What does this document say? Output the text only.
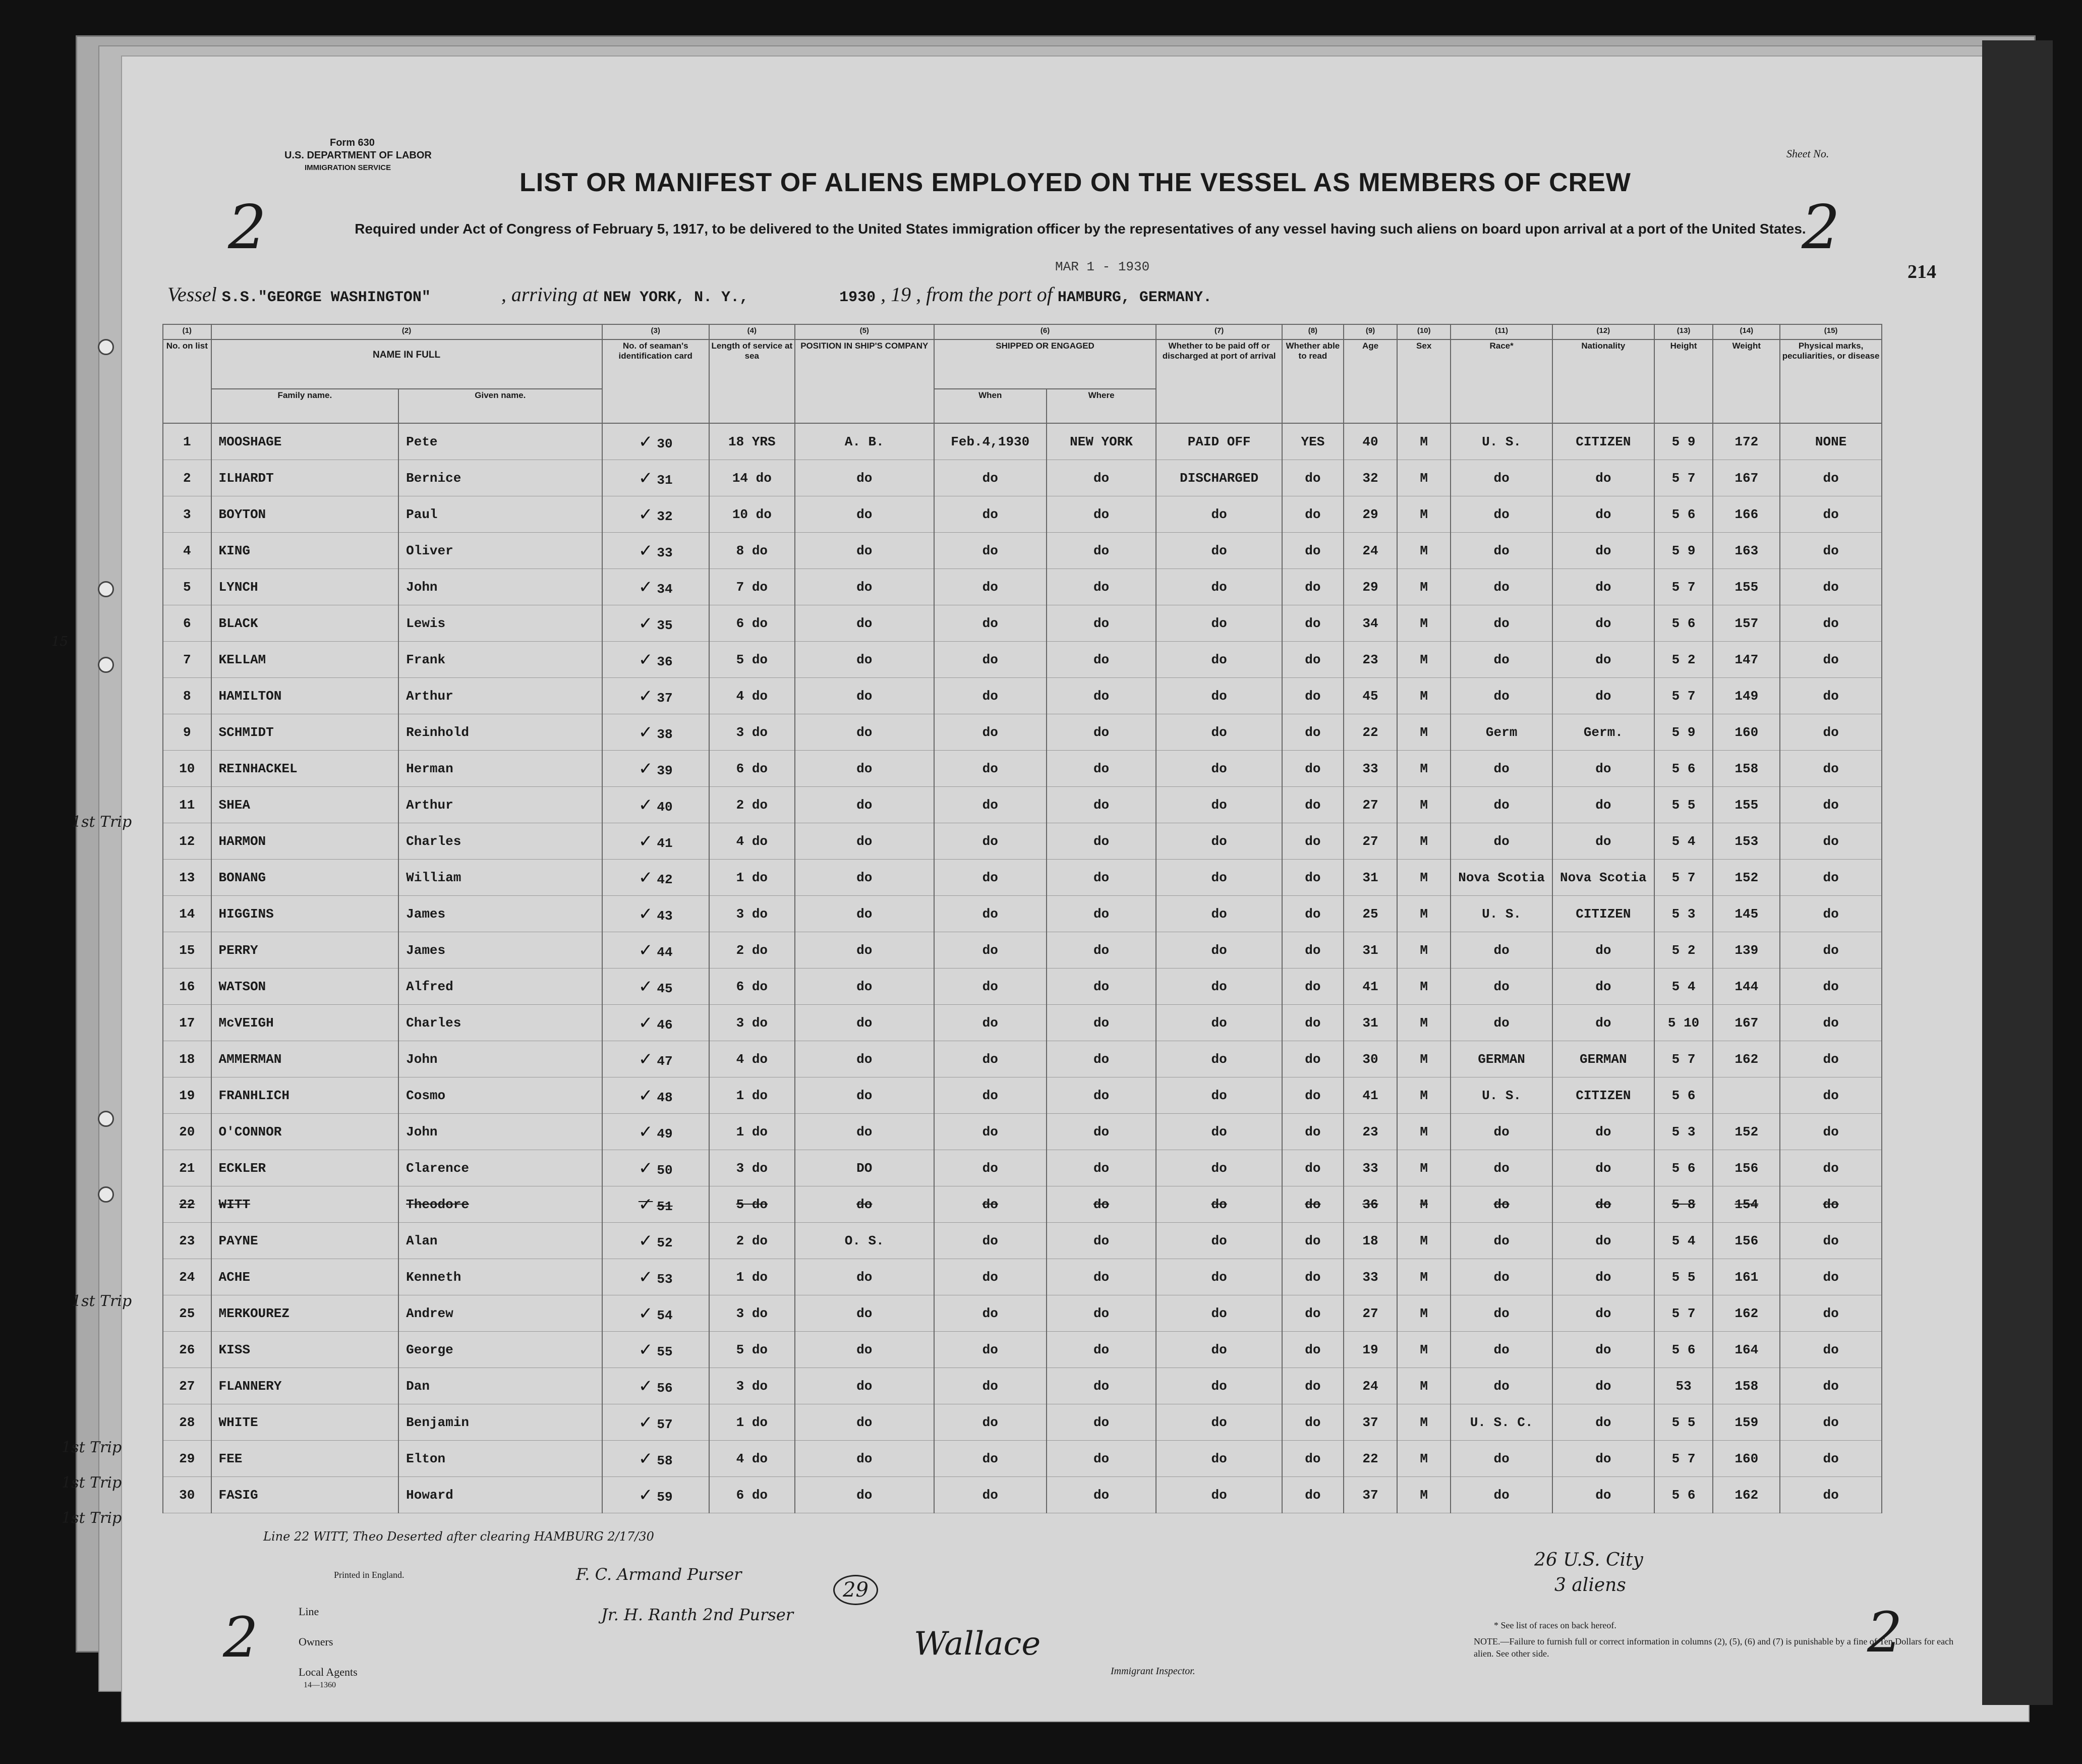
Form 630
U.S. DEPARTMENT OF LABOR
IMMIGRATION SERVICE
Sheet No.
LIST OR MANIFEST OF ALIENS EMPLOYED ON THE VESSEL AS MEMBERS OF CREW
Required under Act of Congress of February 5, 1917, to be delivered to the United States immigration officer by the representatives of any vessel having such aliens on board upon arrival at a port of the United States.
MAR 1 - 1930	214
2	2
Vessel S.S."GEORGE WASHINGTON"	, arriving at NEW YORK, N. Y.,	1930 , 19 , from the port of HAMBURG, GERMANY.
15
1st Trip
1st Trip
1st Trip
1st Trip
1st Trip
(1)	(2)		(3)	(4)	(5)	(6)		(7)	(8)	(9)	(10)	(11)	(12)	(13)	(14)	(15)
No. on list	NAME IN FULL		No. of seaman's identification card	Length of service at sea	POSITION IN SHIP'S COMPANY	SHIPPED OR ENGAGED		Whether to be paid off or discharged at port of arrival	Whether able to read	Age	Sex	Race*	Nationality	Height	Weight	Physical marks, peculiarities, or disease
	Family name.	Given name.				When	Where									
1	MOOSHAGE	Pete	✓ 30	18 YRS	A. B.	Feb.4,1930	NEW YORK	PAID OFF	YES	40	M	U. S.	CITIZEN	5 9	172	NONE
2	ILHARDT	Bernice	✓ 31	14 do	do	do	do	DISCHARGED	do	32	M	do	do	5 7	167	do
3	BOYTON	Paul	✓ 32	10 do	do	do	do	do	do	29	M	do	do	5 6	166	do
4	KING	Oliver	✓ 33	8 do	do	do	do	do	do	24	M	do	do	5 9	163	do
5	LYNCH	John	✓ 34	7 do	do	do	do	do	do	29	M	do	do	5 7	155	do
6	BLACK	Lewis	✓ 35	6 do	do	do	do	do	do	34	M	do	do	5 6	157	do
7	KELLAM	Frank	✓ 36	5 do	do	do	do	do	do	23	M	do	do	5 2	147	do
8	HAMILTON	Arthur	✓ 37	4 do	do	do	do	do	do	45	M	do	do	5 7	149	do
9	SCHMIDT	Reinhold	✓ 38	3 do	do	do	do	do	do	22	M	Germ	Germ.	5 9	160	do
10	REINHACKEL	Herman	✓ 39	6 do	do	do	do	do	do	33	M	do	do	5 6	158	do
11	SHEA	Arthur	✓ 40	2 do	do	do	do	do	do	27	M	do	do	5 5	155	do
12	HARMON	Charles	✓ 41	4 do	do	do	do	do	do	27	M	do	do	5 4	153	do
13	BONANG	William	✓ 42	1 do	do	do	do	do	do	31	M	Nova Scotia	Nova Scotia	5 7	152	do
14	HIGGINS	James	✓ 43	3 do	do	do	do	do	do	25	M	U. S.	CITIZEN	5 3	145	do
15	PERRY	James	✓ 44	2 do	do	do	do	do	do	31	M	do	do	5 2	139	do
16	WATSON	Alfred	✓ 45	6 do	do	do	do	do	do	41	M	do	do	5 4	144	do
17	McVEIGH	Charles	✓ 46	3 do	do	do	do	do	do	31	M	do	do	5 10	167	do
18	AMMERMAN	John	✓ 47	4 do	do	do	do	do	do	30	M	GERMAN	GERMAN	5 7	162	do
19	FRANHLICH	Cosmo	✓ 48	1 do	do	do	do	do	do	41	M	U. S.	CITIZEN	5 6		do
20	O'CONNOR	John	✓ 49	1 do	do	do	do	do	do	23	M	do	do	5 3	152	do
21	ECKLER	Clarence	✓ 50	3 do	DO	do	do	do	do	33	M	do	do	5 6	156	do
22	WITT	Theodore	✓ 51	5 do	do	do	do	do	do	36	M	do	do	5 8	154	do
23	PAYNE	Alan	✓ 52	2 do	O. S.	do	do	do	do	18	M	do	do	5 4	156	do
24	ACHE	Kenneth	✓ 53	1 do	do	do	do	do	do	33	M	do	do	5 5	161	do
25	MERKOUREZ	Andrew	✓ 54	3 do	do	do	do	do	do	27	M	do	do	5 7	162	do
26	KISS	George	✓ 55	5 do	do	do	do	do	do	19	M	do	do	5 6	164	do
27	FLANNERY	Dan	✓ 56	3 do	do	do	do	do	do	24	M	do	do	53	158	do
28	WHITE	Benjamin	✓ 57	1 do	do	do	do	do	do	37	M	U. S. C.	do	5 5	159	do
29	FEE	Elton	✓ 58	4 do	do	do	do	do	do	22	M	do	do	5 7	160	do
30	FASIG	Howard	✓ 59	6 do	do	do	do	do	do	37	M	do	do	5 6	162	do
Line 22 WITT, Theo Deserted after clearing HAMBURG 2/17/30
F. C. Armand Purser
Jr. H. Ranth 2nd Purser
29
Wallace
26 U.S. City
3 aliens
Printed in England.
Line
Owners
Local Agents
14—1360
Immigrant Inspector.
* See list of races on back hereof.
NOTE.—Failure to furnish full or correct information in columns (2), (5), (6) and (7) is punishable by a fine of Ten Dollars for each alien. See other side.
2	2
